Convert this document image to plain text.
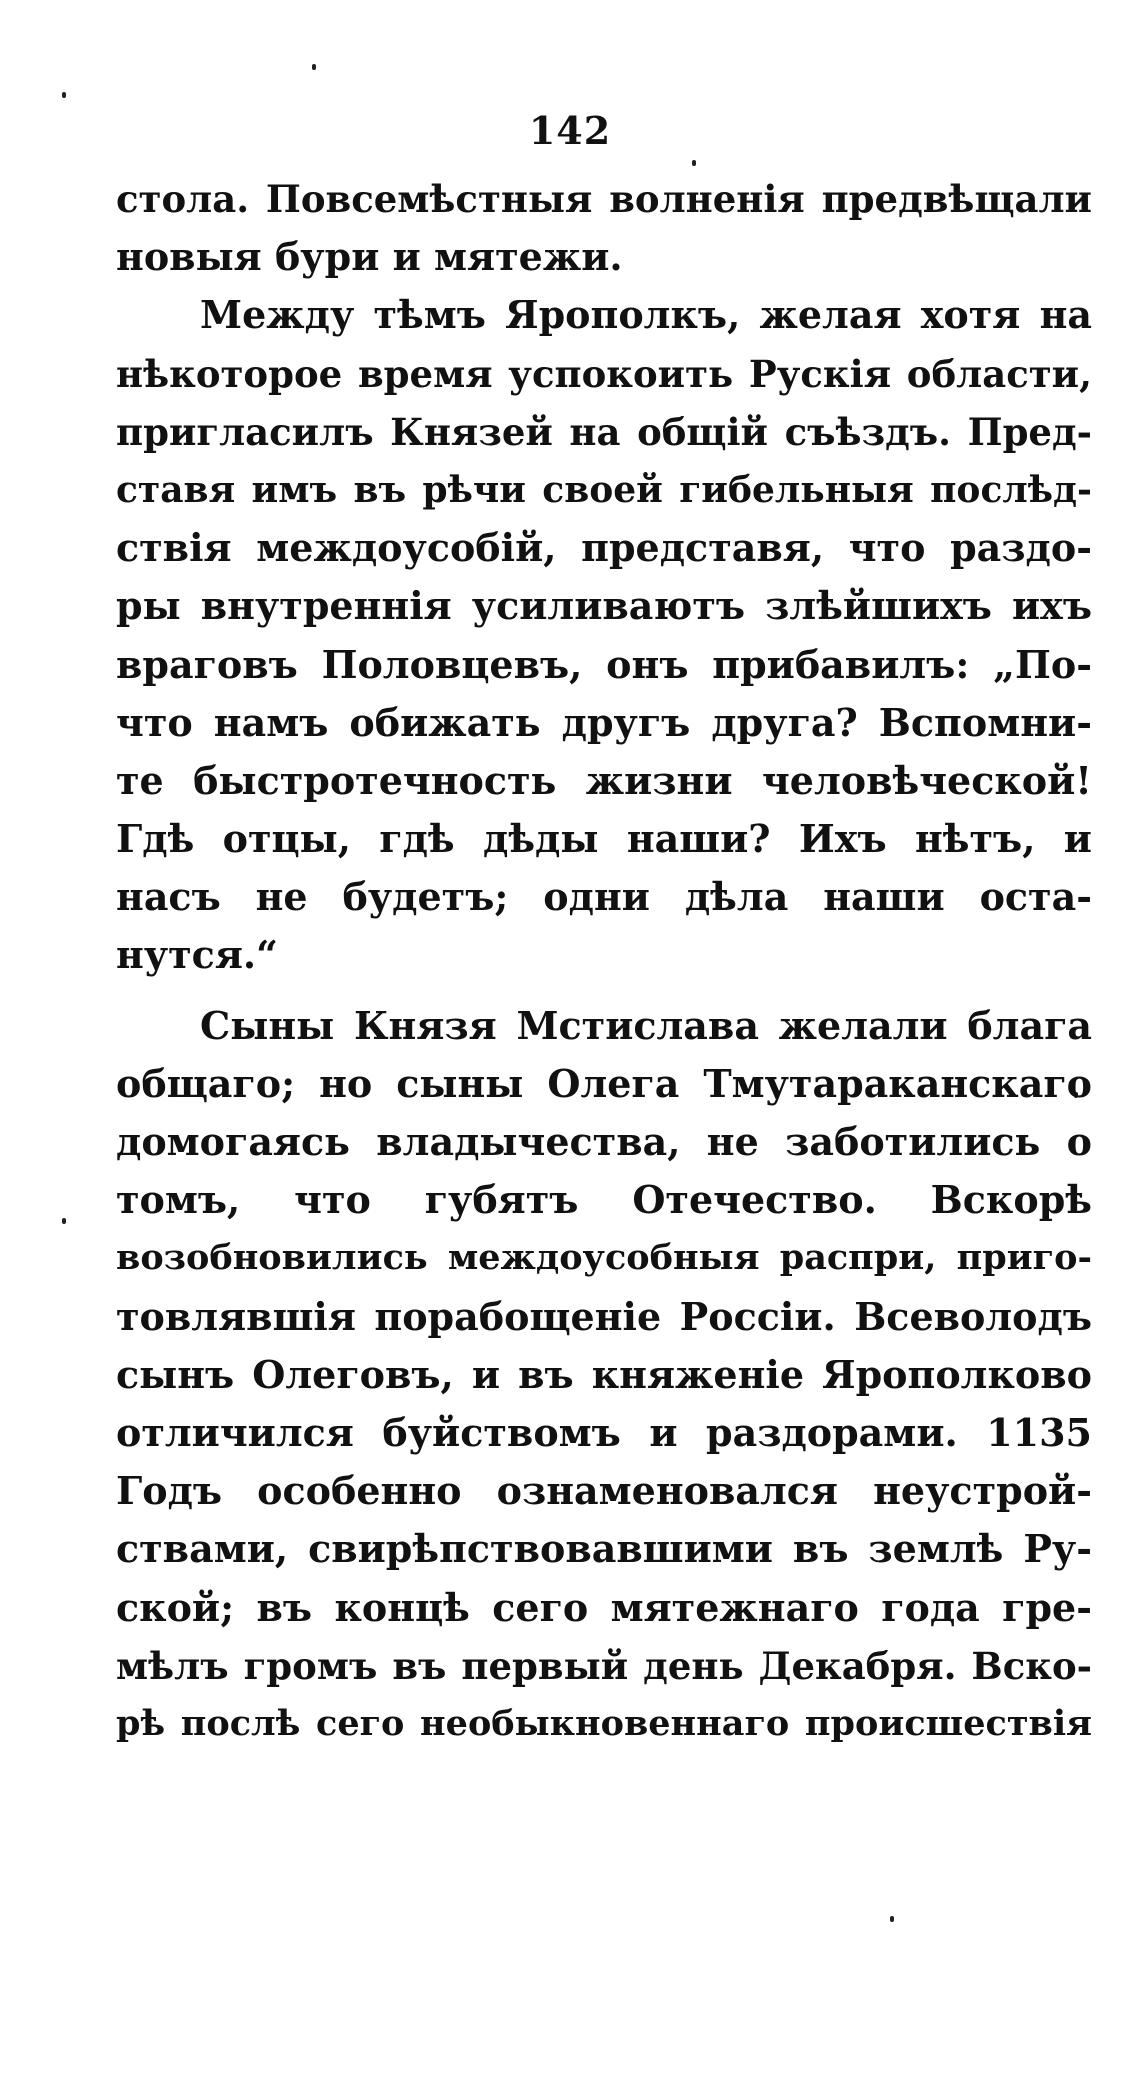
142
стола. Повсемѣстныя волненія предвѣщали
новыя бури и мятежи.
Между тѣмъ Ярополкъ, желая хотя на
нѣкоторое время успокоить Рускія области,
пригласилъ Князей на общій съѣздъ. Пред-
ставя имъ въ рѣчи своей гибельныя послѣд-
ствія междоусобій, представя, что раздо-
ры внутреннія усиливаютъ злѣйшихъ ихъ
враговъ Половцевъ, онъ прибавилъ: „По-
что намъ обижать другъ друга? Вспомни-
те быстротечность жизни человѣческой!
Гдѣ отцы, гдѣ дѣды наши? Ихъ нѣтъ, и
насъ не будетъ; одни дѣла наши оста-
нутся.“
Сыны Князя Мстислава желали блага
общаго; но сыны Олега Тмутараканскаго
домогаясь владычества, не заботились о
томъ, что губятъ Отечество. Вскорѣ
возобновились междоусобныя распри, приго-
товлявшія порабощеніе Россіи. Всеволодъ
сынъ Олеговъ, и въ княженіе Ярополково
отличился буйствомъ и раздорами. 1135
Годъ особенно ознаменовался неустрой-
ствами, свирѣпствовавшими въ землѣ Ру-
ской; въ концѣ сего мятежнаго года гре-
мѣлъ громъ въ первый день Декабря. Вско-
рѣ послѣ сего необыкновеннаго происшествія
